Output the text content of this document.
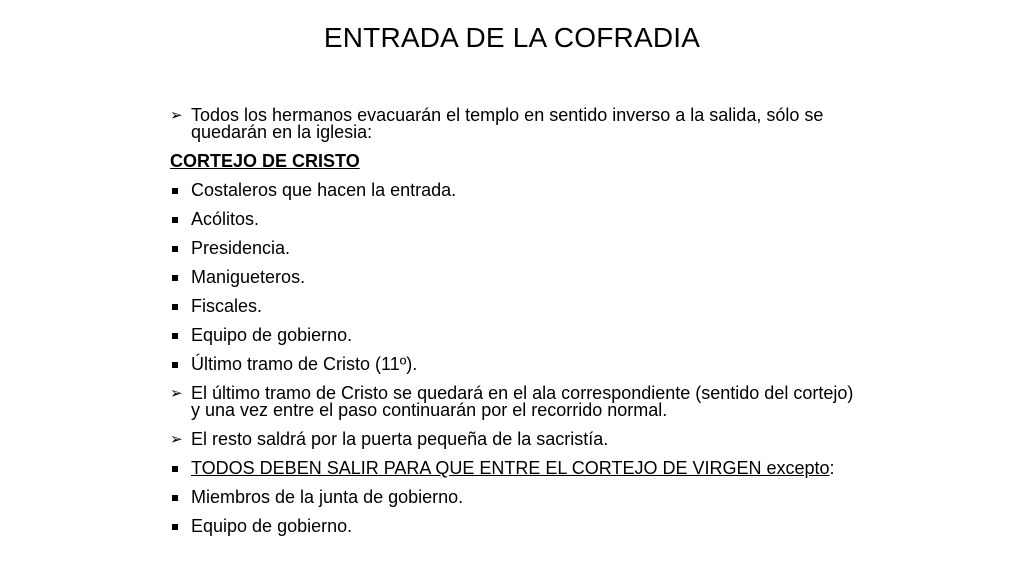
ENTRADA DE LA COFRADIA
➢ Todos los hermanos evacuarán el templo en sentido inverso a la salida, sólo se quedarán en la iglesia:
CORTEJO DE CRISTO
Costaleros que hacen la entrada.
Acólitos.
Presidencia.
Manigueteros.
Fiscales.
Equipo de gobierno.
Último tramo de Cristo (11º).
➢ El último tramo de Cristo se quedará en el ala correspondiente (sentido del cortejo) y una vez entre el paso continuarán por el recorrido normal.
➢ El resto saldrá por la puerta pequeña de la sacristía.
TODOS DEBEN SALIR PARA QUE ENTRE EL CORTEJO DE VIRGEN excepto:
Miembros de la junta de gobierno.
Equipo de gobierno.
